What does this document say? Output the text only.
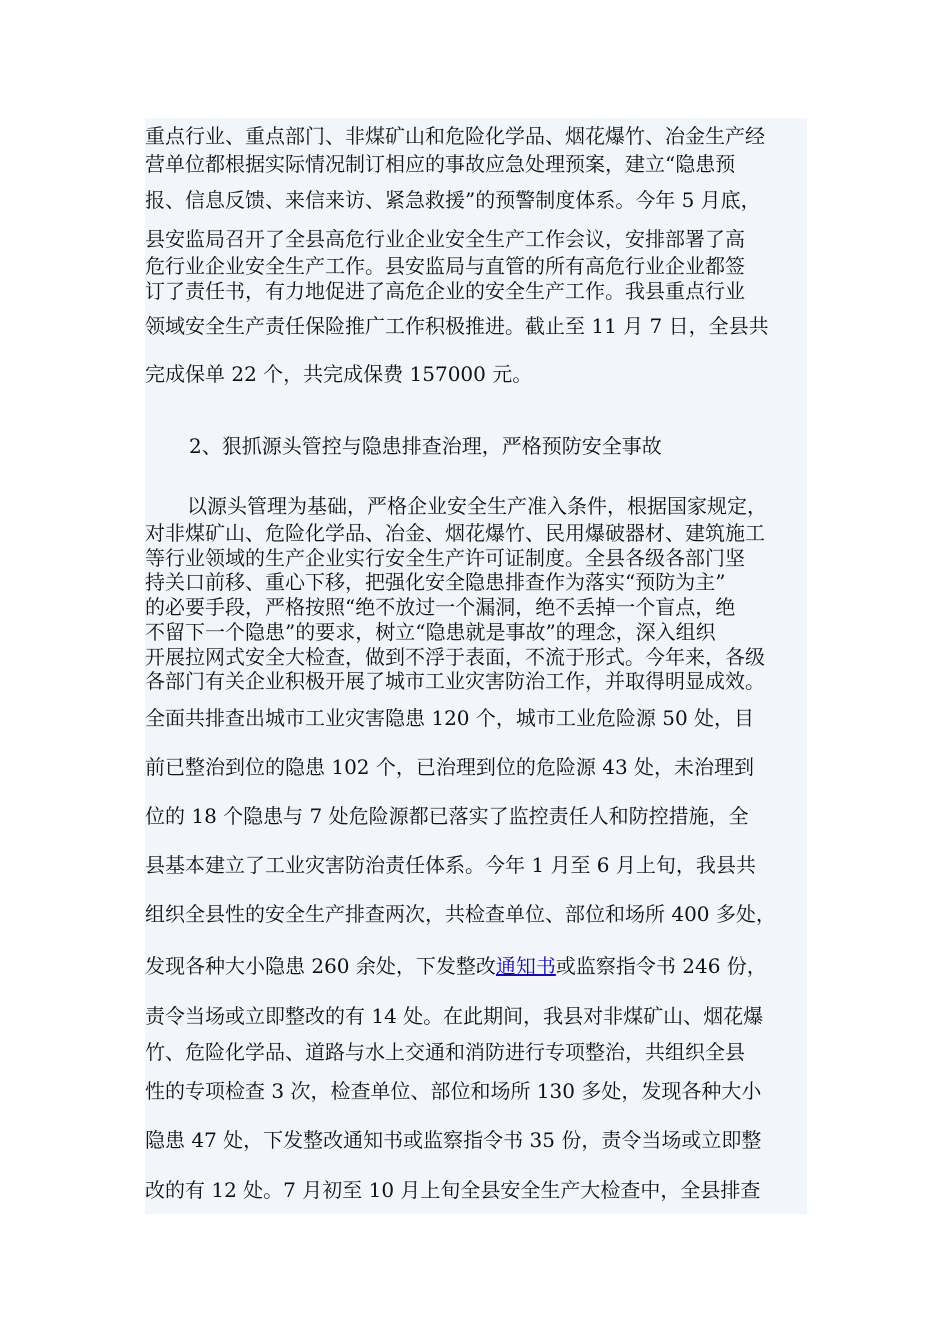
重点行业、重点部门、非煤矿山和危险化学品、烟花爆竹、冶金生产经
营单位都根据实际情况制订相应的事故应急处理预案，建立“隐患预
报、信息反馈、来信来访、紧急救援”的预警制度体系。今年 5 月底，
县安监局召开了全县高危行业企业安全生产工作会议，安排部署了高
危行业企业安全生产工作。县安监局与直管的所有高危行业企业都签
订了责任书，有力地促进了高危企业的安全生产工作。我县重点行业
领域安全生产责任保险推广工作积极推进。截止至 11 月 7 日，全县共
完成保单 22 个，共完成保费 157000 元。
2、狠抓源头管控与隐患排查治理，严格预防安全事故
以源头管理为基础，严格企业安全生产准入条件，根据国家规定，
对非煤矿山、危险化学品、冶金、烟花爆竹、民用爆破器材、建筑施工
等行业领域的生产企业实行安全生产许可证制度。全县各级各部门坚
持关口前移、重心下移，把强化安全隐患排查作为落实“预防为主”
的必要手段，严格按照“绝不放过一个漏洞，绝不丢掉一个盲点，绝
不留下一个隐患”的要求，树立“隐患就是事故”的理念，深入组织
开展拉网式安全大检查，做到不浮于表面，不流于形式。今年来，各级
各部门有关企业积极开展了城市工业灾害防治工作，并取得明显成效。
全面共排查出城市工业灾害隐患 120 个，城市工业危险源 50 处，目
前已整治到位的隐患 102 个，已治理到位的危险源 43 处，未治理到
位的 18 个隐患与 7 处危险源都已落实了监控责任人和防控措施，全
县基本建立了工业灾害防治责任体系。今年 1 月至 6 月上旬，我县共
组织全县性的安全生产排查两次，共检查单位、部位和场所 400 多处，
发现各种大小隐患 260 余处，下发整改通知书或监察指令书 246 份，
责令当场或立即整改的有 14 处。在此期间，我县对非煤矿山、烟花爆
竹、危险化学品、道路与水上交通和消防进行专项整治，共组织全县
性的专项检查 3 次，检查单位、部位和场所 130 多处，发现各种大小
隐患 47 处，下发整改通知书或监察指令书 35 份，责令当场或立即整
改的有 12 处。7 月初至 10 月上旬全县安全生产大检查中，全县排查
